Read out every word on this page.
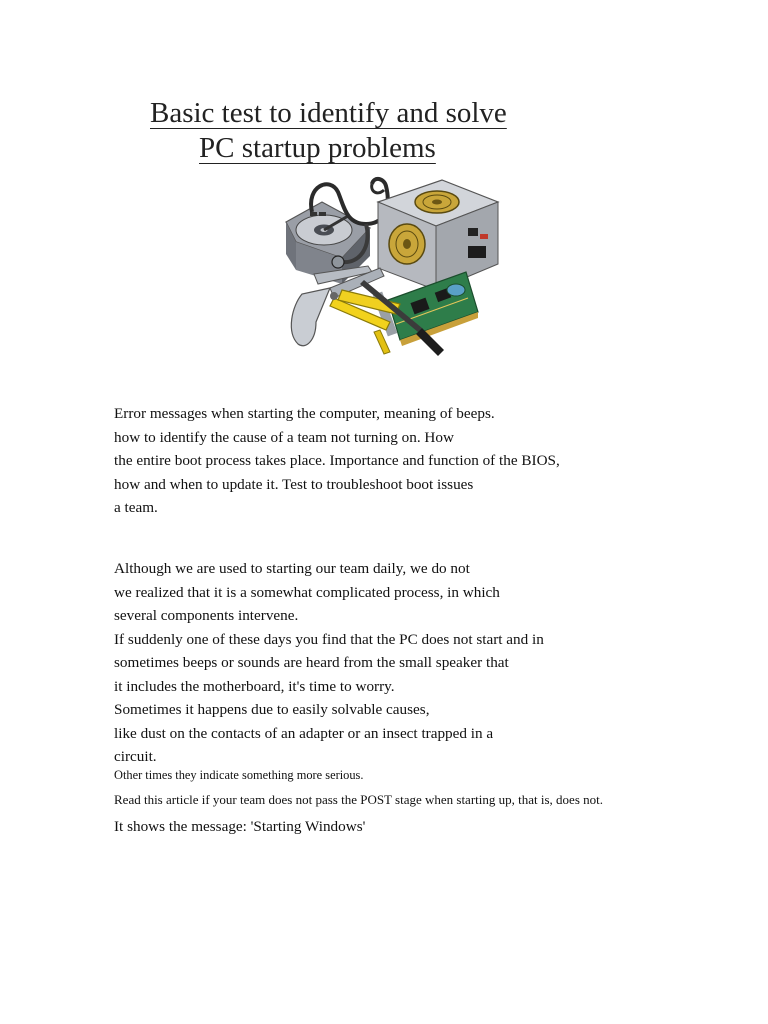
Basic test to identify and solve
PC startup problems

Error messages when starting the computer, meaning of beeps.
how to identify the cause of a team not turning on. How
the entire boot process takes place. Importance and function of the BIOS,
how and when to update it. Test to troubleshoot boot issues
a team.

Although we are used to starting our team daily, we do not
we realized that it is a somewhat complicated process, in which
several components intervene.
If suddenly one of these days you find that the PC does not start and in
sometimes beeps or sounds are heard from the small speaker that
it includes the motherboard, it's time to worry.
Sometimes it happens due to easily solvable causes,
like dust on the contacts of an adapter or an insect trapped in a
circuit.

Other times they indicate something more serious.

Read this article if your team does not pass the POST stage when starting up, that is, does not.

It shows the message: 'Starting Windows'
